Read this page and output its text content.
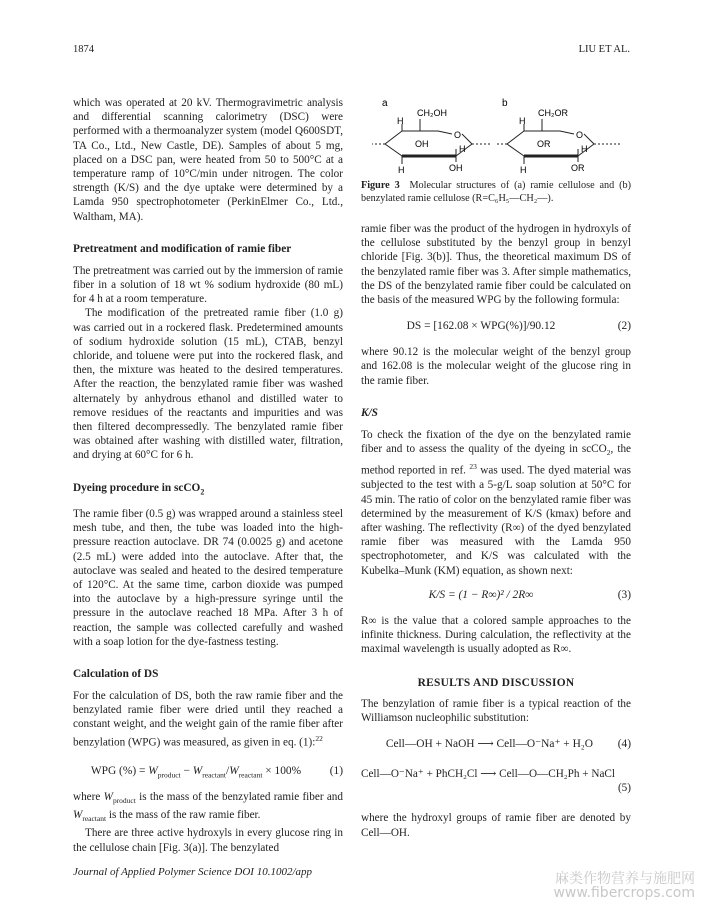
1874	LIU ET AL.

which was operated at 20 kV. Thermogravimetric analysis and differential scanning calorimetry (DSC) were performed with a thermoanalyzer system (model Q600SDT, TA Co., Ltd., New Castle, DE). Samples of about 5 mg, placed on a DSC pan, were heated from 50 to 500°C at a temperature ramp of 10°C/min under nitrogen. The color strength (K/S) and the dye uptake were determined by a Lamda 950 spectrophotometer (PerkinElmer Co., Ltd., Waltham, MA).

Pretreatment and modification of ramie fiber

The pretreatment was carried out by the immersion of ramie fiber in a solution of 18 wt % sodium hydroxide (80 mL) for 4 h at a room temperature.

The modification of the pretreated ramie fiber (1.0 g) was carried out in a rockered flask. Predetermined amounts of sodium hydroxide solution (15 mL), CTAB, benzyl chloride, and toluene were put into the rockered flask, and then, the mixture was heated to the desired temperatures. After the reaction, the benzylated ramie fiber was washed alternately by anhydrous ethanol and distilled water to remove residues of the reactants and impurities and was then filtered decompressedly. The benzylated ramie fiber was obtained after washing with distilled water, filtration, and drying at 60°C for 6 h.

Dyeing procedure in scCO$_2$

The ramie fiber (0.5 g) was wrapped around a stainless steel mesh tube, and then, the tube was loaded into the high-pressure reaction autoclave. DR 74 (0.0025 g) and acetone (2.5 mL) were added into the autoclave. After that, the autoclave was sealed and heated to the desired temperature of 120°C. At the same time, carbon dioxide was pumped into the autoclave by a high-pressure syringe until the pressure in the autoclave reached 18 MPa. After 3 h of reaction, the sample was collected carefully and washed with a soap lotion for the dye-fastness testing.

Calculation of DS

For the calculation of DS, both the raw ramie fiber and the benzylated ramie fiber were dried until they reached a constant weight, and the weight gain of the ramie fiber after benzylation (WPG) was measured, as given in eq. (1):$^{22}$

WPG (%) = $W_{product} - W_{reactant}/W_{reactant} \times 100\%$	(1)

where $W_{product}$ is the mass of the benzylated ramie fiber and $W_{reactant}$ is the mass of the raw ramie fiber.

There are three active hydroxyls in every glucose ring in the cellulose chain [Fig. 3(a)]. The benzylated

a
CH₂OH
O
H
OH	H
H	OH
b
CH₂OR
O
H
OR	H
H	OR
Figure 3 Molecular structures of (a) ramie cellulose and (b) benzylated ramie cellulose (R=C₆H₅—CH₂—).

ramie fiber was the product of the hydrogen in hydroxyls of the cellulose substituted by the benzyl group in benzyl chloride [Fig. 3(b)]. Thus, the theoretical maximum DS of the benzylated ramie fiber was 3. After simple mathematics, the DS of the benzylated ramie fiber could be calculated on the basis of the measured WPG by the following formula:

DS = [162.08 × WPG(%)]/90.12	(2)

where 90.12 is the molecular weight of the benzyl group and 162.08 is the molecular weight of the glucose ring in the ramie fiber.

K/S

To check the fixation of the dye on the benzylated ramie fiber and to assess the quality of the dyeing in scCO$_2$, the method reported in ref. $^{23}$ was used. The dyed material was subjected to the test with a 5-g/L soap solution at 50°C for 45 min. The ratio of color on the benzylated ramie fiber was determined by the measurement of K/S (kmax) before and after washing. The reflectivity (R∞) of the dyed benzylated ramie fiber was measured with the Lamda 950 spectrophotometer, and K/S was calculated with the Kubelka–Munk (KM) equation, as shown next:

K/S = (1 − R∞)² / 2R∞	(3)

R∞ is the value that a colored sample approaches to the infinite thickness. During calculation, the reflectivity at the maximal wavelength is usually adopted as R∞.

RESULTS AND DISCUSSION

The benzylation of ramie fiber is a typical reaction of the Williamson nucleophilic substitution:

Cell—OH + NaOH ⟶ Cell—O⁻Na⁺ + H₂O	(4)
Cell—O⁻Na⁺ + PhCH₂Cl ⟶ Cell—O—CH₂Ph + NaCl
(5)

where the hydroxyl groups of ramie fiber are denoted by Cell—OH.

Journal of Applied Polymer Science DOI 10.1002/app	麻类作物营养与施肥网
www.fibercrops.com
